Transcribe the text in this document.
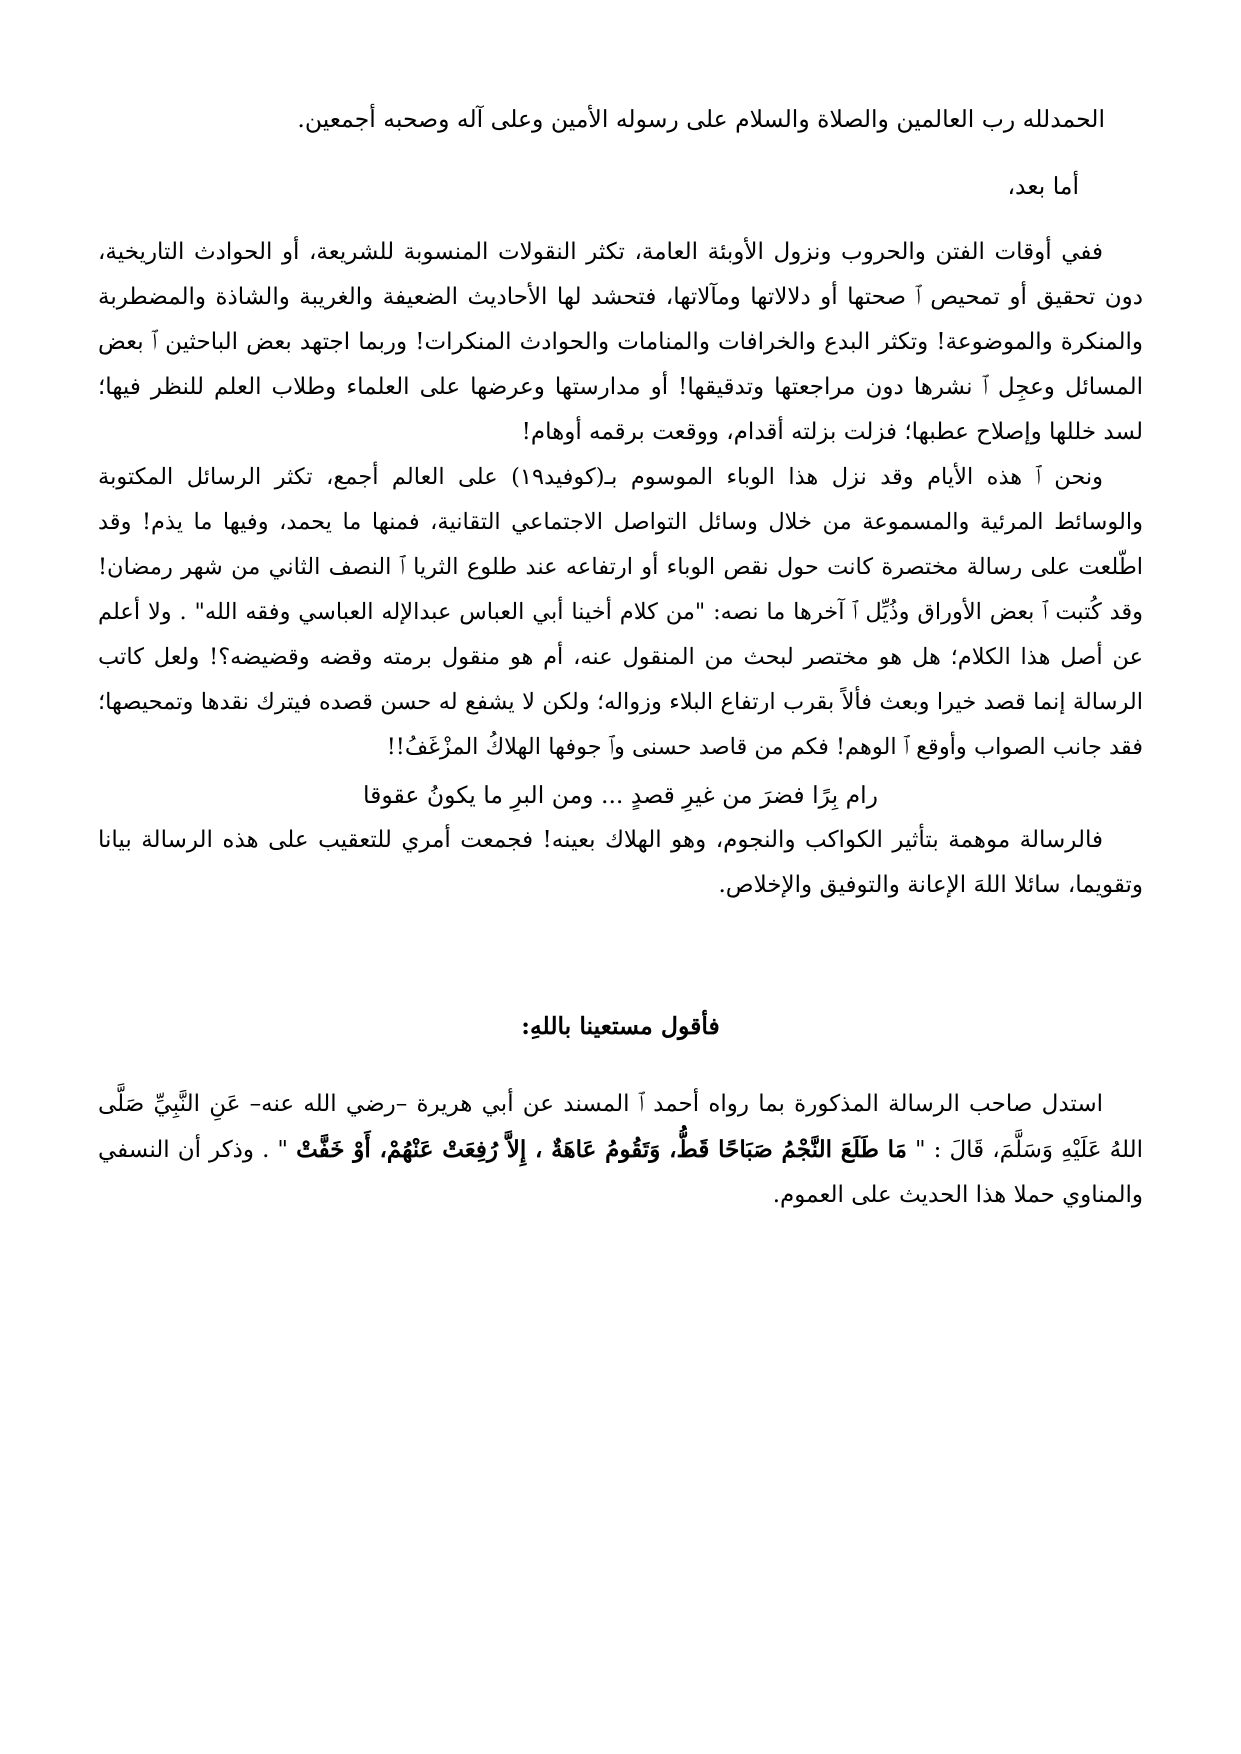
الحمدلله رب العالمين والصلاة والسلام على رسوله الأمين وعلى آله وصحبه أجمعين.

أما بعد،

ففي أوقات الفتن والحروب ونزول الأوبئة العامة، تكثر النقولات المنسوبة للشريعة، أو الحوادث التاريخية، دون تحقيق أو تمحيص ﭐ صحتها أو دلالاتها ومآلاتها، فتحشد لها الأحاديث الضعيفة والغريبة والشاذة والمضطربة والمنكرة والموضوعة! وتكثر البدع والخرافات والمنامات والحوادث المنكرات! وربما اجتهد بعض الباحثين ﭐ بعض المسائل وعجِل ﭐ نشرها دون مراجعتها وتدقيقها! أو مدارستها وعرضها على العلماء وطلاب العلم للنظر فيها؛ لسد خللها وإصلاح عطبها؛ فزلت بزلته أقدام، ووقعت برقمه أوهام!

ونحن ﭐ هذه الأيام وقد نزل هذا الوباء الموسوم بـ(كوفيد١٩) على العالم أجمع، تكثر الرسائل المكتوبة والوسائط المرئية والمسموعة من خلال وسائل التواصل الاجتماعي التقانية، فمنها ما يحمد، وفيها ما يذم! وقد اطّلعت على رسالة مختصرة كانت حول نقص الوباء أو ارتفاعه عند طلوع الثريا ﭐ النصف الثاني من شهر رمضان! وقد كُتبت ﭐ بعض الأوراق وذُيِّل ﭐ آخرها ما نصه: "من كلام أخينا أبي العباس عبدالإله العباسي وفقه الله" . ولا أعلم عن أصل هذا الكلام؛ هل هو مختصر لبحث من المنقول عنه، أم هو منقول برمته وقضه وقضيضه؟! ولعل كاتب الرسالة إنما قصد خيرا وبعث فألاً بقرب ارتفاع البلاء وزواله؛ ولكن لا يشفع له حسن قصده فيترك نقدها وتمحيصها؛ فقد جانب الصواب وأوقع ﭐ الوهم! فكم من قاصد حسنى وﭐ جوفها الهلاكُ المزْغَفُ!!

رام بِرًا فضرَ من غيرِ قصدٍ ... ومن البرِ ما يكونُ عقوقا

فالرسالة موهمة بتأثير الكواكب والنجوم، وهو الهلاك بعينه! فجمعت أمري للتعقيب على هذه الرسالة بيانا وتقويما، سائلا اللهَ الإعانة والتوفيق والإخلاص.

فأقول مستعينا باللهِ:

استدل صاحب الرسالة المذكورة بما رواه أحمد ﭐ المسند عن أبي هريرة –رضي الله عنه– عَنِ النَّبِيِّ صَلَّى اللهُ عَلَيْهِ وَسَلَّمَ، قَالَ : " مَا طَلَعَ النَّجْمُ صَبَاحًا قَطُّ، وَتَقُومُ عَاهَةٌ ، إِلاَّ رُفِعَتْ عَنْهُمْ، أَوْ خَفَّتْ " . وذكر أن النسفي والمناوي حملا هذا الحديث على العموم.
